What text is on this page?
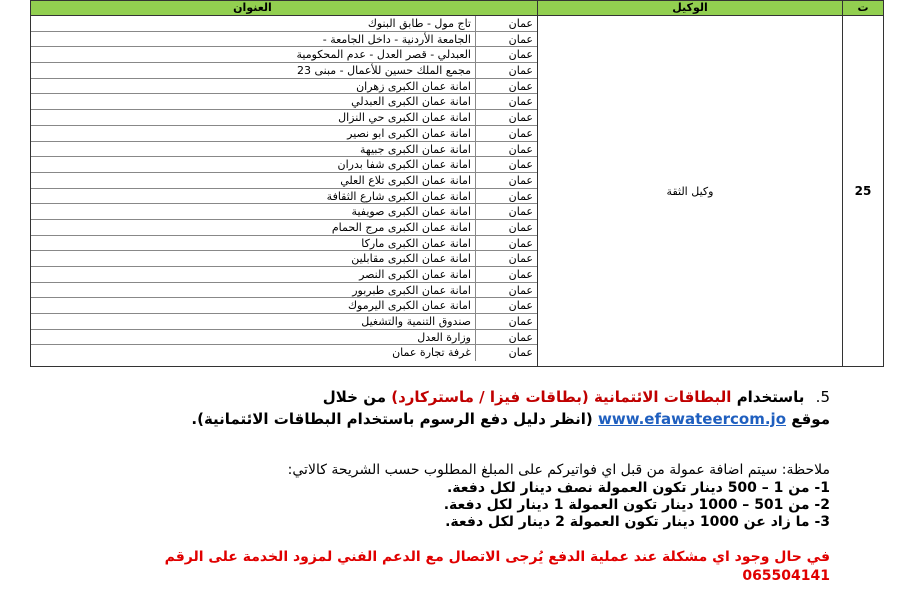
العنوان
عمان
تاج مول - طابق البنوك
عمان
الجامعة الأردنية - داخل الجامعة -
عمان
العبدلي - قصر العدل - عدم المحكومية
عمان
مجمع الملك حسين للأعمال - مبنى 23
عمان
امانة عمان الكبرى زهران
عمان
امانة عمان الكبرى العبدلي
عمان
امانة عمان الكبرى حي النزال
عمان
امانة عمان الكبرى ابو نصير
عمان
امانة عمان الكبرى جبيهة
عمان
امانة عمان الكبرى شفا بدران
عمان
امانة عمان الكبرى تلاع العلي
عمان
امانة عمان الكبرى شارع الثقافة
عمان
امانة عمان الكبرى صويفية
عمان
امانة عمان الكبرى مرج الحمام
عمان
امانة عمان الكبرى ماركا
عمان
امانة عمان الكبرى مقابلين
عمان
امانة عمان الكبرى النصر
عمان
امانة عمان الكبرى طبربور
عمان
امانة عمان الكبرى اليرموك
عمان
صندوق التنمية والتشغيل
عمان
وزارة العدل
عمان
غرفة تجارة عمان
الوكيل
وكيل الثقة
ت
25
5. باستخدام البطاقات الائتمانية (بطاقات فيزا / ماستركارد) من خلال
موقع www.efawateercom.jo (انظر دليل دفع الرسوم باستخدام البطاقات الائتمانية).
ملاحظة: سيتم اضافة عمولة من قبل اي فواتيركم على المبلغ المطلوب حسب الشريحة كالاتي:
1- من 1 – 500 دينار تكون العمولة نصف دينار لكل دفعة.
2- من 501 – 1000 دينار تكون العمولة 1 دينار لكل دفعة.
3- ما زاد عن 1000 دينار تكون العمولة 2 دينار لكل دفعة.
في حال وجود اي مشكلة عند عملية الدفع يُرجى الاتصال مع الدعم الفني لمزود الخدمة على الرقم
065504141
